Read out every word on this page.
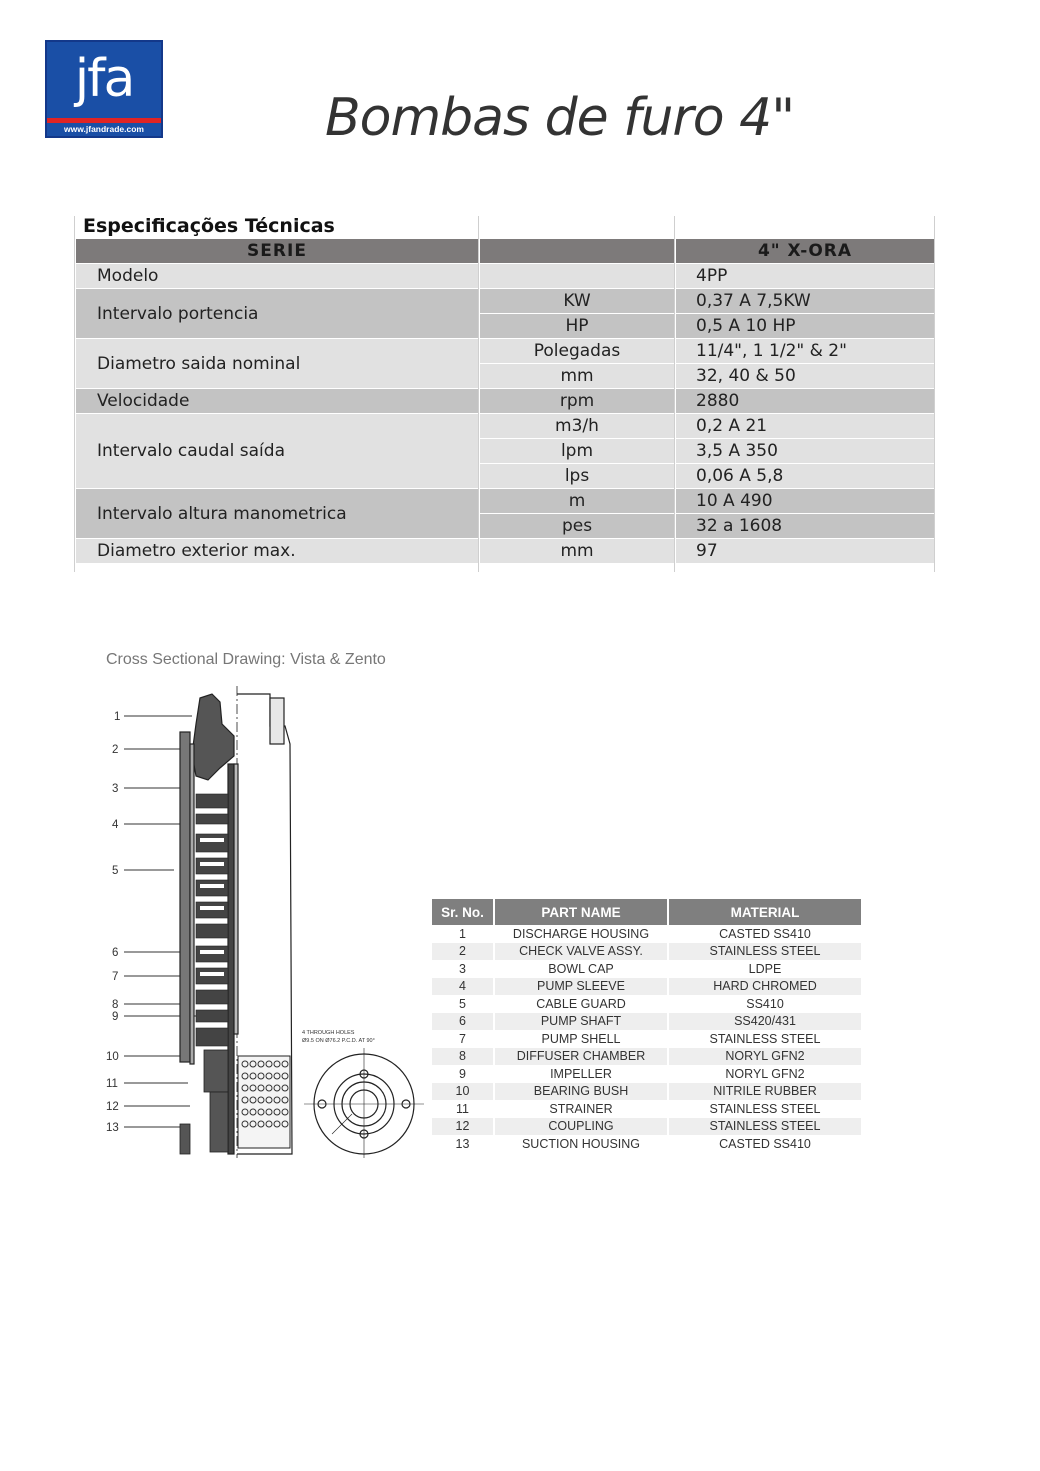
jfa
www.jfandrade.com	Bombas de furo 4"
Especificações Técnicas
SERIE	4" X-ORA
Modelo	4PP
Intervalo portencia
KW	0,37 A 7,5KW
HP	0,5 A 10 HP
Diametro saida nominal
Polegadas	11/4", 1 1/2" & 2"
mm	32, 40 & 50
Velocidade	rpm	2880
Intervalo caudal saída
m3/h	0,2 A 21
lpm	3,5 A 350
lps	0,06 A 5,8
Intervalo altura manometrica
m	10 A 490
pes	32 a 1608
Diametro exterior max.	mm	97
Cross Sectional Drawing: Vista & Zento
1
2
3
4
5
6
7
8
9
10
11
12
13
4 THROUGH HOLES
Ø9.5 ON Ø76.2 P.C.D. AT 90°
Sr. No.	PART NAME	MATERIAL
1	DISCHARGE HOUSING	CASTED SS410
2	CHECK VALVE ASSY.	STAINLESS STEEL
3	BOWL CAP	LDPE
4	PUMP SLEEVE	HARD CHROMED
5	CABLE GUARD	SS410
6	PUMP SHAFT	SS420/431
7	PUMP SHELL	STAINLESS STEEL
8	DIFFUSER CHAMBER	NORYL GFN2
9	IMPELLER	NORYL GFN2
10	BEARING BUSH	NITRILE RUBBER
11	STRAINER	STAINLESS STEEL
12	COUPLING	STAINLESS STEEL
13	SUCTION HOUSING	CASTED SS410
